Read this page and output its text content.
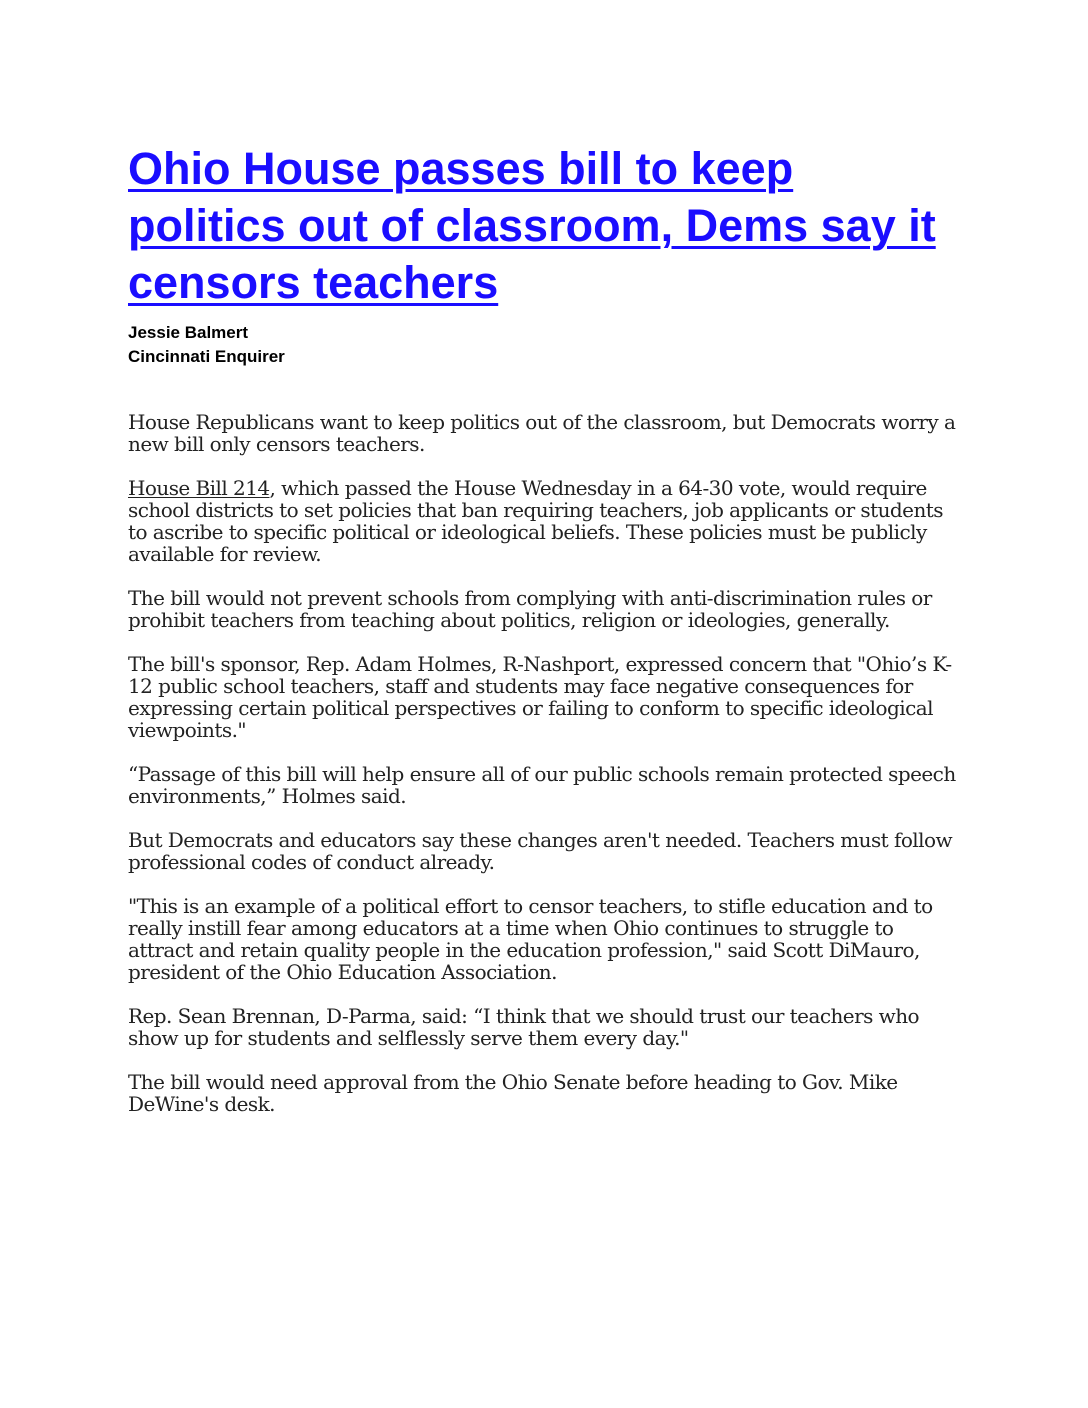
Ohio House passes bill to keep politics out of classroom, Dems say it censors teachers
Jessie Balmert
Cincinnati Enquirer

House Republicans want to keep politics out of the classroom, but Democrats worry a new bill only censors teachers.

House Bill 214, which passed the House Wednesday in a 64-30 vote, would require school districts to set policies that ban requiring teachers, job applicants or students to ascribe to specific political or ideological beliefs. These policies must be publicly available for review.

The bill would not prevent schools from complying with anti-discrimination rules or prohibit teachers from teaching about politics, religion or ideologies, generally.

The bill's sponsor, Rep. Adam Holmes, R-Nashport, expressed concern that "Ohio’s K-12 public school teachers, staff and students may face negative consequences for expressing certain political perspectives or failing to conform to specific ideological viewpoints."

“Passage of this bill will help ensure all of our public schools remain protected speech environments,” Holmes said.

But Democrats and educators say these changes aren't needed. Teachers must follow professional codes of conduct already.

"This is an example of a political effort to censor teachers, to stifle education and to really instill fear among educators at a time when Ohio continues to struggle to attract and retain quality people in the education profession," said Scott DiMauro, president of the Ohio Education Association.

Rep. Sean Brennan, D-Parma, said: “I think that we should trust our teachers who show up for students and selflessly serve them every day."

The bill would need approval from the Ohio Senate before heading to Gov. Mike DeWine's desk.
